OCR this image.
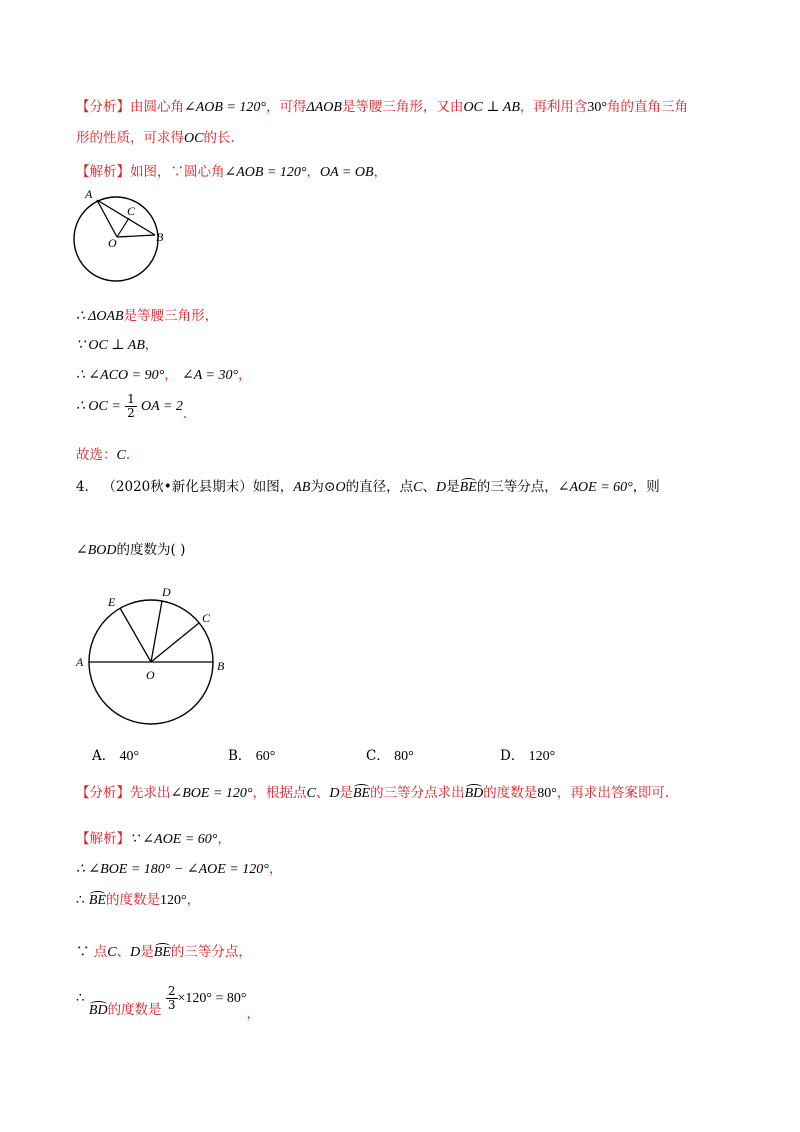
【分析】由圆心角∠AOB = 120°，可得ΔAOB是等腰三角形，又由OC ⊥ AB，再利用含30°角的直角三角
形的性质，可求得OC的长.
【解析】如图，∵圆心角∠AOB = 120°，OA = OB，
A
C
O	B
∴ ΔOAB是等腰三角形，
∵ OC ⊥ AB，
∴ ∠ACO = 90°， ∠A = 30°，
∴ OC = $\frac{1}{2}$ OA = 2.
故选：C.
4． （2020秋•新化县期末）如图，AB为⊙O的直径，点C、D是BE的三等分点，∠AOE = 60°，则
∠BOD的度数为( )
E
D
C
A	B
O
A． 40°	B． 60°	C． 80°	D． 120°
【分析】先求出∠BOE = 120°，根据点C、D是BE的三等分点求出BD的度数是80°，再求出答案即可.
【解析】∵ ∠AOE = 60°，
∴ ∠BOE = 180° − ∠AOE = 120°，
∴ BE的度数是120°，
∵ 点C、D是BE的三等分点，
∴ BD的度数是 $\frac{2}{3} \times 120^\circ = 80^\circ$，
